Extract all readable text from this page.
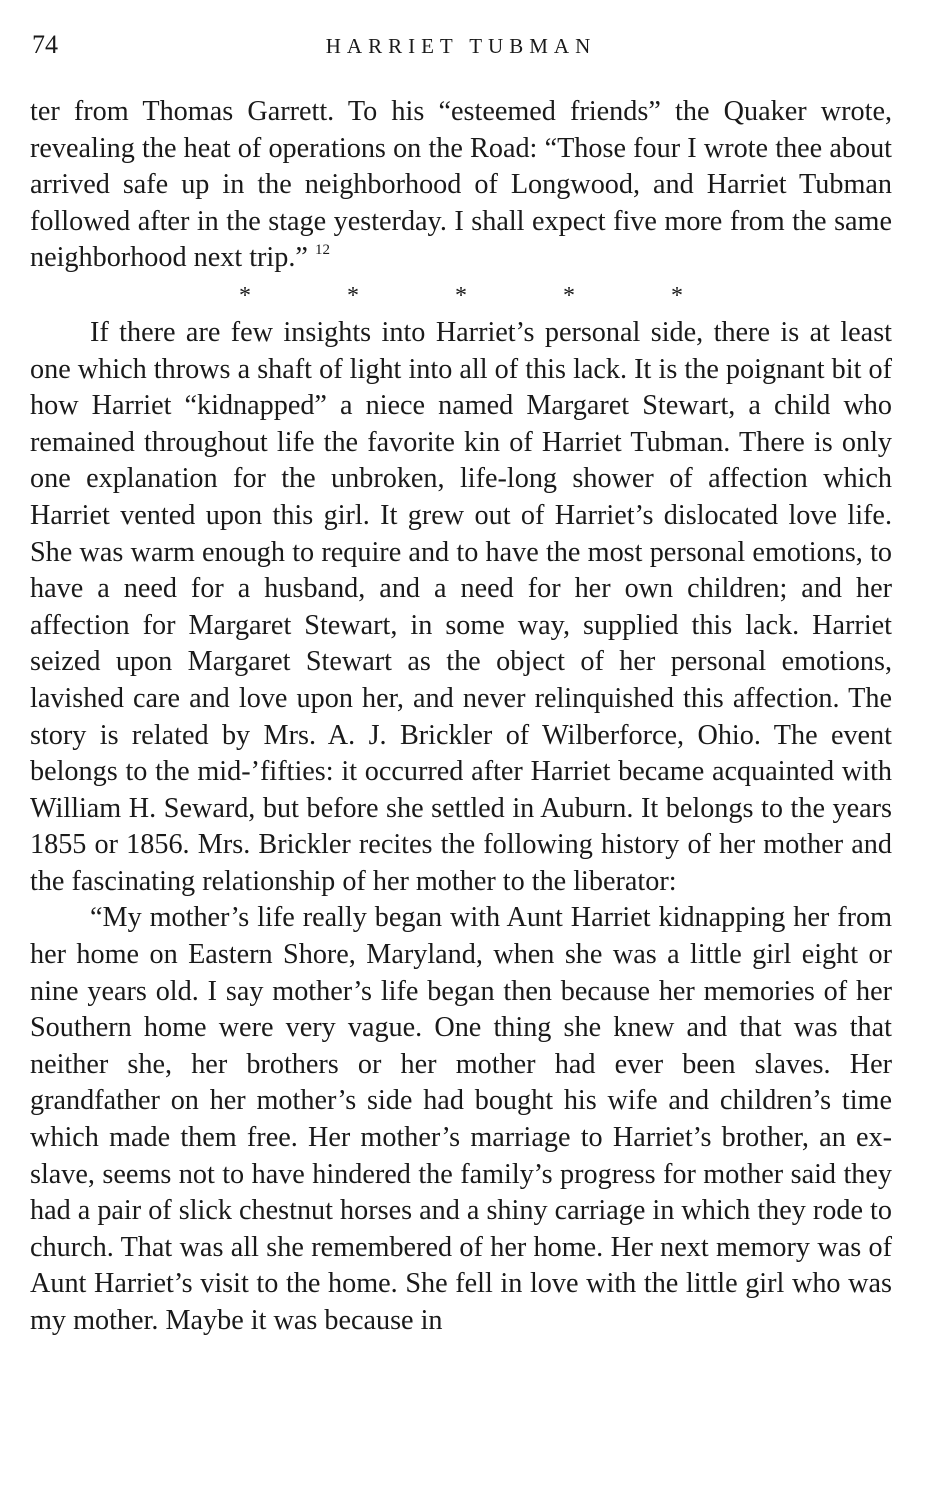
74	HARRIET TUBMAN

ter from Thomas Garrett. To his “esteemed friends” the Quaker wrote, revealing the heat of operations on the Road: “Those four I wrote thee about arrived safe up in the neighborhood of Longwood, and Harriet Tubman followed after in the stage yesterday. I shall expect five more from the same neighborhood next trip.” $^{12}$

*	*	*	*	*

If there are few insights into Harriet’s personal side, there is at least one which throws a shaft of light into all of this lack. It is the poignant bit of how Harriet “kidnapped” a niece named Margaret Stewart, a child who remained throughout life the favorite kin of Harriet Tubman. There is only one explanation for the unbroken, life-long shower of affection which Harriet vented upon this girl. It grew out of Harriet’s dislocated love life. She was warm enough to require and to have the most personal emotions, to have a need for a husband, and a need for her own children; and her affection for Margaret Stewart, in some way, supplied this lack. Harriet seized upon Margaret Stewart as the object of her personal emotions, lavished care and love upon her, and never relinquished this affection. The story is related by Mrs. A. J. Brickler of Wilberforce, Ohio. The event belongs to the mid-’fifties: it occurred after Harriet became acquainted with William H. Seward, but before she settled in Auburn. It belongs to the years 1855 or 1856. Mrs. Brickler recites the following history of her mother and the fascinating relationship of her mother to the liberator:

“My mother’s life really began with Aunt Harriet kidnapping her from her home on Eastern Shore, Maryland, when she was a little girl eight or nine years old. I say mother’s life began then because her memories of her Southern home were very vague. One thing she knew and that was that neither she, her brothers or her mother had ever been slaves. Her grandfather on her mother’s side had bought his wife and children’s time which made them free. Her mother’s marriage to Harriet’s brother, an ex-slave, seems not to have hindered the family’s progress for mother said they had a pair of slick chestnut horses and a shiny carriage in which they rode to church. That was all she remembered of her home. Her next memory was of Aunt Harriet’s visit to the home. She fell in love with the little girl who was my mother. Maybe it was because in
